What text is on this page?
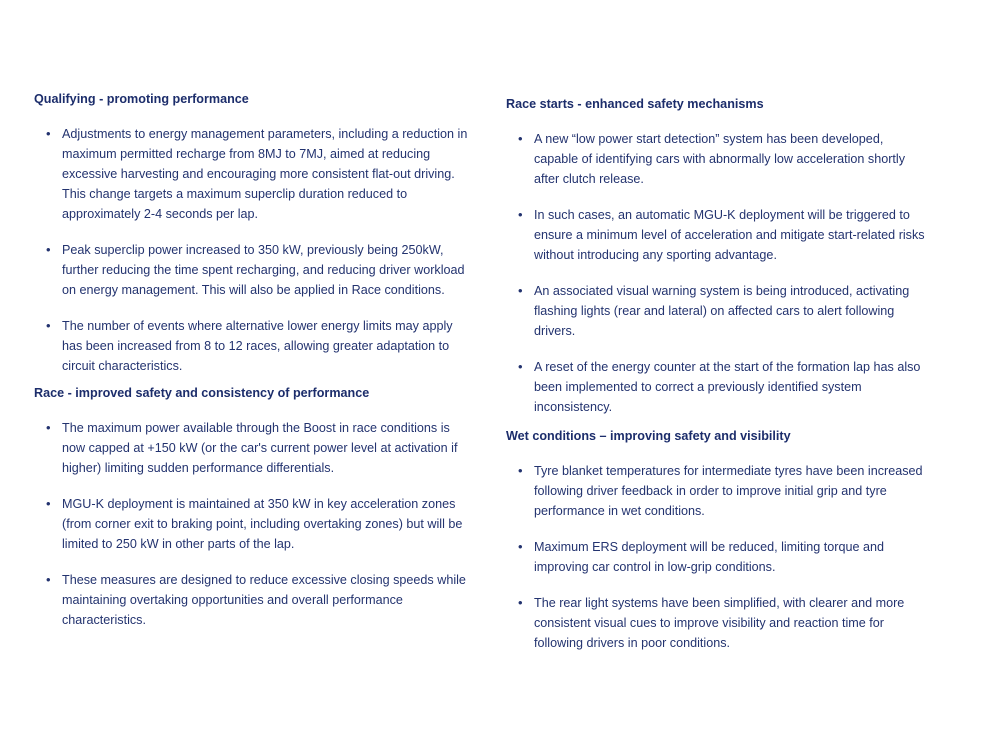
Qualifying - promoting performance
• Adjustments to energy management parameters, including a reduction in maximum permitted recharge from 8MJ to 7MJ, aimed at reducing excessive harvesting and encouraging more consistent flat-out driving. This change targets a maximum superclip duration reduced to approximately 2-4 seconds per lap.
• Peak superclip power increased to 350 kW, previously being 250kW, further reducing the time spent recharging, and reducing driver workload on energy management. This will also be applied in Race conditions.
• The number of events where alternative lower energy limits may apply has been increased from 8 to 12 races, allowing greater adaptation to circuit characteristics.
Race - improved safety and consistency of performance
• The maximum power available through the Boost in race conditions is now capped at +150 kW (or the car's current power level at activation if higher) limiting sudden performance differentials.
• MGU-K deployment is maintained at 350 kW in key acceleration zones (from corner exit to braking point, including overtaking zones) but will be limited to 250 kW in other parts of the lap.
• These measures are designed to reduce excessive closing speeds while maintaining overtaking opportunities and overall performance characteristics.
Race starts - enhanced safety mechanisms
• A new “low power start detection” system has been developed, capable of identifying cars with abnormally low acceleration shortly after clutch release.
• In such cases, an automatic MGU-K deployment will be triggered to ensure a minimum level of acceleration and mitigate start-related risks without introducing any sporting advantage.
• An associated visual warning system is being introduced, activating flashing lights (rear and lateral) on affected cars to alert following drivers.
• A reset of the energy counter at the start of the formation lap has also been implemented to correct a previously identified system inconsistency.
Wet conditions – improving safety and visibility
• Tyre blanket temperatures for intermediate tyres have been increased following driver feedback in order to improve initial grip and tyre performance in wet conditions.
• Maximum ERS deployment will be reduced, limiting torque and improving car control in low-grip conditions.
• The rear light systems have been simplified, with clearer and more consistent visual cues to improve visibility and reaction time for following drivers in poor conditions.
